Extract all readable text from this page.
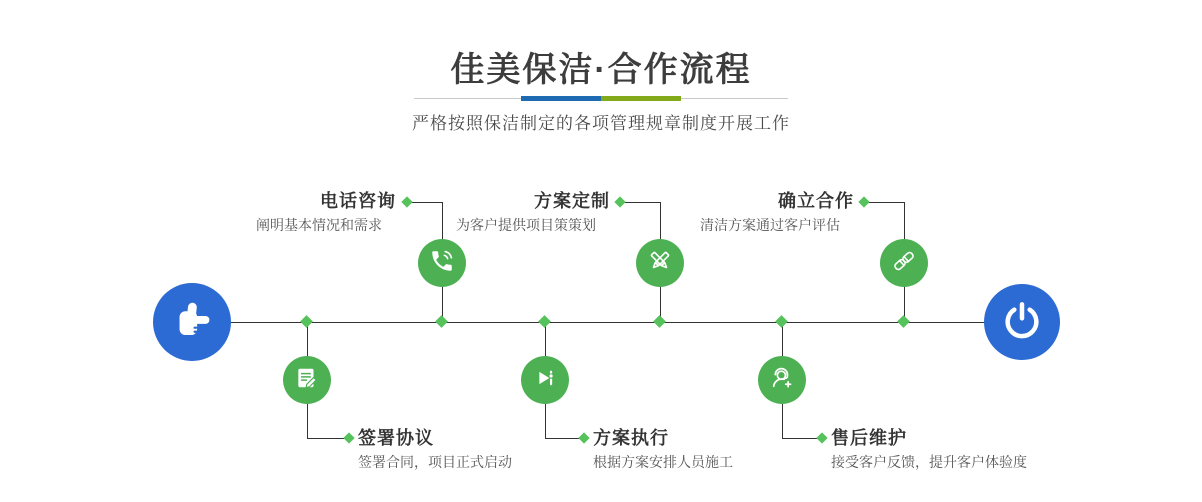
佳美保洁·合作流程

严格按照保洁制定的各项管理规章制度开展工作

电话咨询

阐明基本情况和需求

方案定制

为客户提供项目策策划

确立合作

清洁方案通过客户评估

签署协议

签署合同，项目正式启动

方案执行

根据方案安排人员施工

售后维护

接受客户反馈，提升客户体验度
